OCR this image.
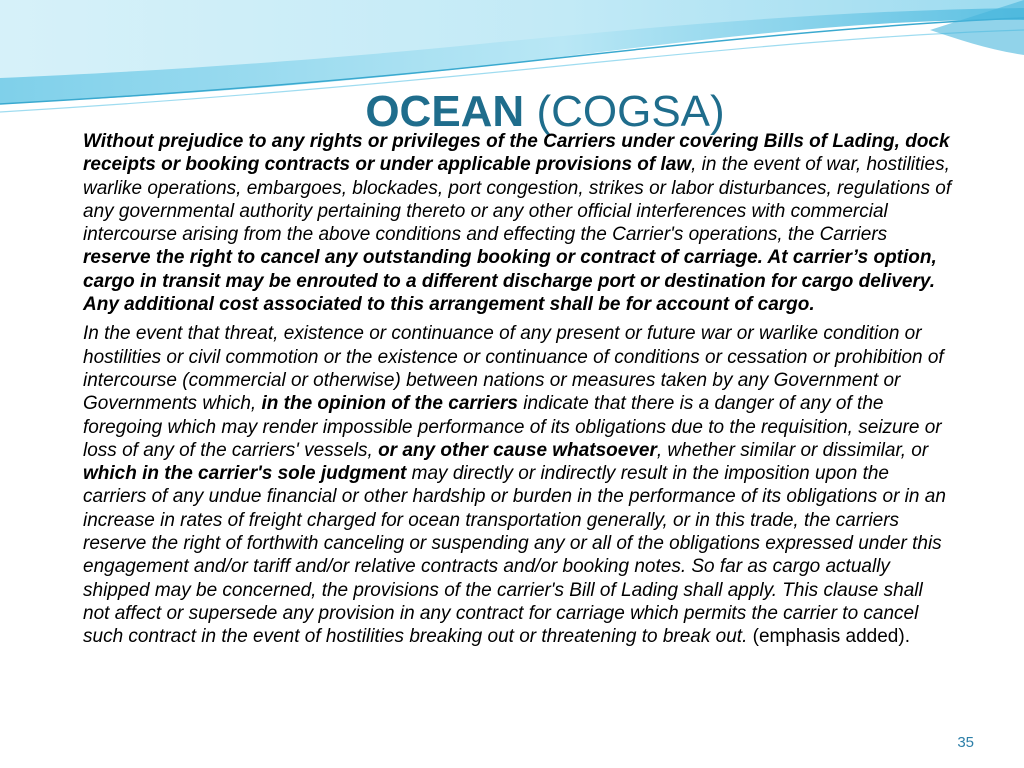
OCEAN (COGSA)

Without prejudice to any rights or privileges of the Carriers under covering Bills of Lading, dock receipts or booking contracts or under applicable provisions of law, in the event of war, hostilities, warlike operations, embargoes, blockades, port congestion, strikes or labor disturbances, regulations of any governmental authority pertaining thereto or any other official interferences with commercial intercourse arising from the above conditions and effecting the Carrier's operations, the Carriers reserve the right to cancel any outstanding booking or contract of carriage. At carrier’s option, cargo in transit may be enrouted to a different discharge port or destination for cargo delivery. Any additional cost associated to this arrangement shall be for account of cargo.

In the event that threat, existence or continuance of any present or future war or warlike condition or hostilities or civil commotion or the existence or continuance of conditions or cessation or prohibition of intercourse (commercial or otherwise) between nations or measures taken by any Government or Governments which, in the opinion of the carriers indicate that there is a danger of any of the foregoing which may render impossible performance of its obligations due to the requisition, seizure or loss of any of the carriers' vessels, or any other cause whatsoever, whether similar or dissimilar, or which in the carrier's sole judgment may directly or indirectly result in the imposition upon the carriers of any undue financial or other hardship or burden in the performance of its obligations or in an increase in rates of freight charged for ocean transportation generally, or in this trade, the carriers reserve the right of forthwith canceling or suspending any or all of the obligations expressed under this engagement and/or tariff and/or relative contracts and/or booking notes. So far as cargo actually shipped may be concerned, the provisions of the carrier's Bill of Lading shall apply. This clause shall not affect or supersede any provision in any contract for carriage which permits the carrier to cancel such contract in the event of hostilities breaking out or threatening to break out. (emphasis added).

35
